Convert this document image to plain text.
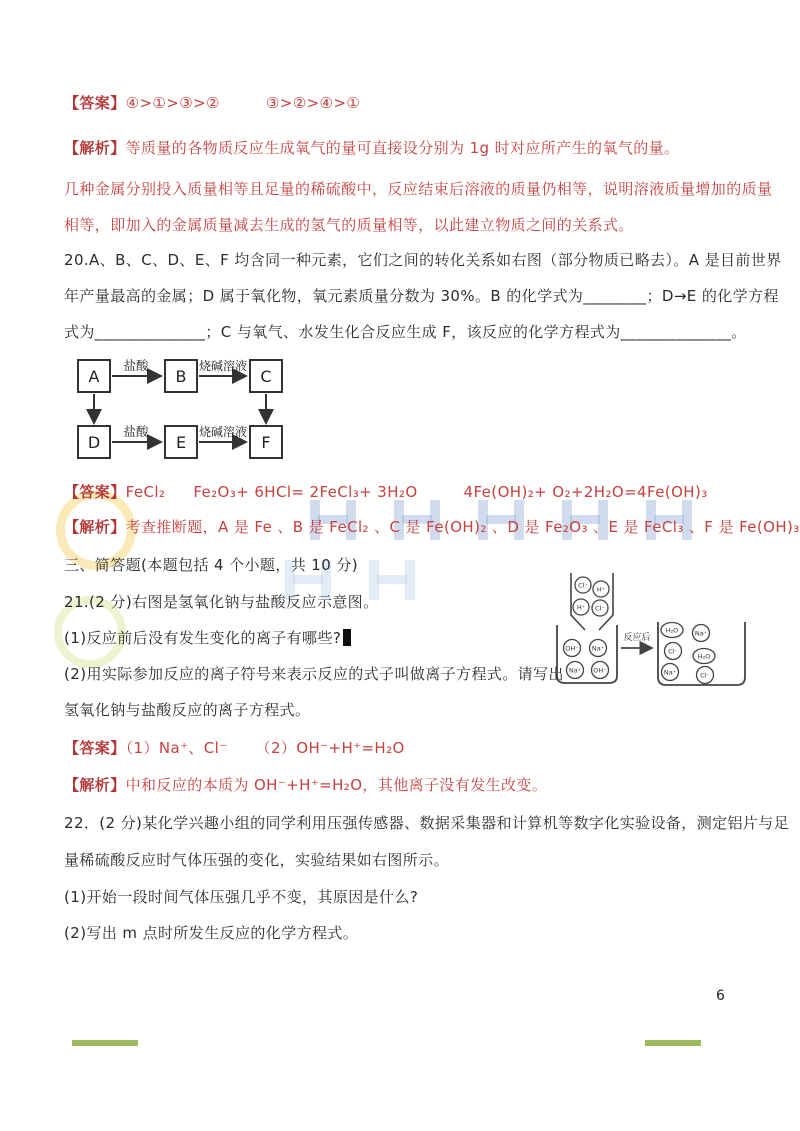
【答案】④>①>③>②	③>②>④>①
【解析】等质量的各物质反应生成氧气的量可直接设分别为 1g 时对应所产生的氧气的量。
几种金属分别投入质量相等且足量的稀硫酸中，反应结束后溶液的质量仍相等，说明溶液质量增加的质量
相等，即加入的金属质量减去生成的氢气的质量相等，以此建立物质之间的关系式。
20.A、B、C、D、E、F 均含同一种元素，它们之间的转化关系如右图（部分物质已略去）。A 是目前世界
年产量最高的金属；D 属于氧化物，氧元素质量分数为 30%。B 的化学式为________；D→E 的化学方程
式为______________；C 与氧气、水发生化合反应生成 F，该反应的化学方程式为______________。
A	B	C
D	E	F
盐酸	烧碱溶液
盐酸	烧碱溶液
【答案】FeCl₂ Fe₂O₃+ 6HCl= 2FeCl₃+ 3H₂O	4Fe(OH)₂+ O₂+2H₂O=4Fe(OH)₃
【解析】考查推断题，A 是 Fe 、B 是 FeCl₂ 、C 是 Fe(OH)₂ 、D 是 Fe₂O₃ 、E 是 FeCl₃ 、F 是 Fe(OH)₃
三、简答题(本题包括 4 个小题，共 10 分)
21.(2 分)右图是氢氧化钠与盐酸反应示意图。
(1)反应前后没有发生变化的离子有哪些?
(2)用实际参加反应的离子符号来表示反应的式子叫做离子方程式。请写出
氢氧化钠与盐酸反应的离子方程式。
Cl⁻ H⁺
H⁺ Cl⁻
OH⁻ Na⁺
Na⁺ OH⁻
反应后
H₂O	Na⁺
Cl⁻
H₂O
Na⁺	Cl⁻
【答案】（1）Na⁺、Cl⁻ （2）OH⁻+H⁺=H₂O
【解析】中和反应的本质为 OH⁻+H⁺=H₂O，其他离子没有发生改变。
22．(2 分)某化学兴趣小组的同学利用压强传感器、数据采集器和计算机等数字化实验设备，测定铝片与足
量稀硫酸反应时气体压强的变化，实验结果如右图所示。
(1)开始一段时间气体压强几乎不变，其原因是什么?
(2)写出 m 点时所发生反应的化学方程式。
6
